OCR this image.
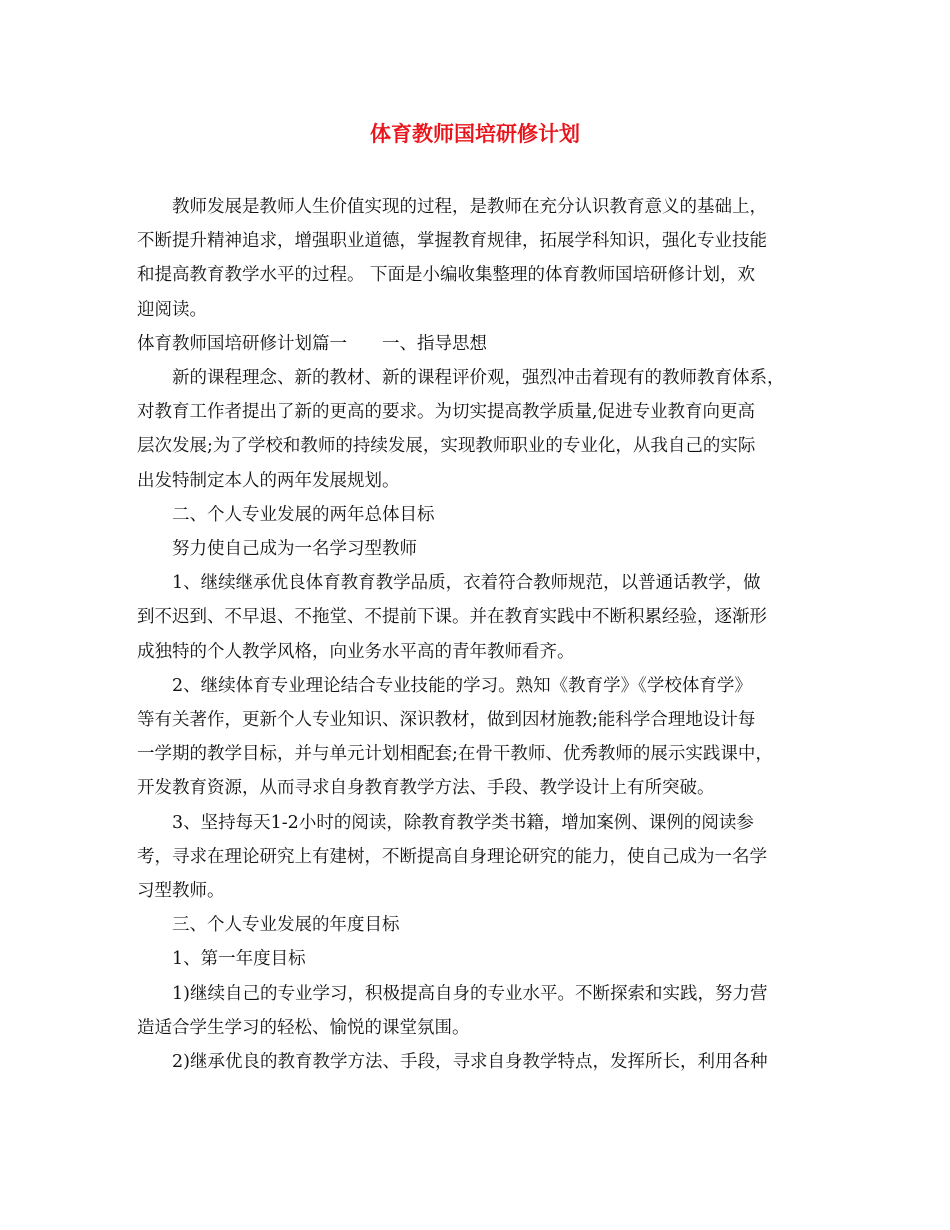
体育教师国培研修计划
教师发展是教师人生价值实现的过程，是教师在充分认识教育意义的基础上，
不断提升精神追求，增强职业道德，掌握教育规律，拓展学科知识，强化专业技能
和提高教育教学水平的过程。 下面是小编收集整理的体育教师国培研修计划，欢
迎阅读。
体育教师国培研修计划篇一　　一、指导思想
新的课程理念、新的教材、新的课程评价观，强烈冲击着现有的教师教育体系，
对教育工作者提出了新的更高的要求。为切实提高教学质量,促进专业教育向更高
层次发展;为了学校和教师的持续发展，实现教师职业的专业化，从我自己的实际
出发特制定本人的两年发展规划。
二、个人专业发展的两年总体目标
努力使自己成为一名学习型教师
1、继续继承优良体育教育教学品质，衣着符合教师规范，以普通话教学，做
到不迟到、不早退、不拖堂、不提前下课。并在教育实践中不断积累经验，逐渐形
成独特的个人教学风格，向业务水平高的青年教师看齐。
2、继续体育专业理论结合专业技能的学习。熟知《教育学》《学校体育学》
等有关著作，更新个人专业知识、深识教材，做到因材施教;能科学合理地设计每
一学期的教学目标，并与单元计划相配套;在骨干教师、优秀教师的展示实践课中，
开发教育资源，从而寻求自身教育教学方法、手段、教学设计上有所突破。
3、坚持每天1-2小时的阅读，除教育教学类书籍，增加案例、课例的阅读参
考，寻求在理论研究上有建树，不断提高自身理论研究的能力，使自己成为一名学
习型教师。
三、个人专业发展的年度目标
1、第一年度目标
1)继续自己的专业学习，积极提高自身的专业水平。不断探索和实践，努力营
造适合学生学习的轻松、愉悦的课堂氛围。
2)继承优良的教育教学方法、手段，寻求自身教学特点，发挥所长，利用各种
